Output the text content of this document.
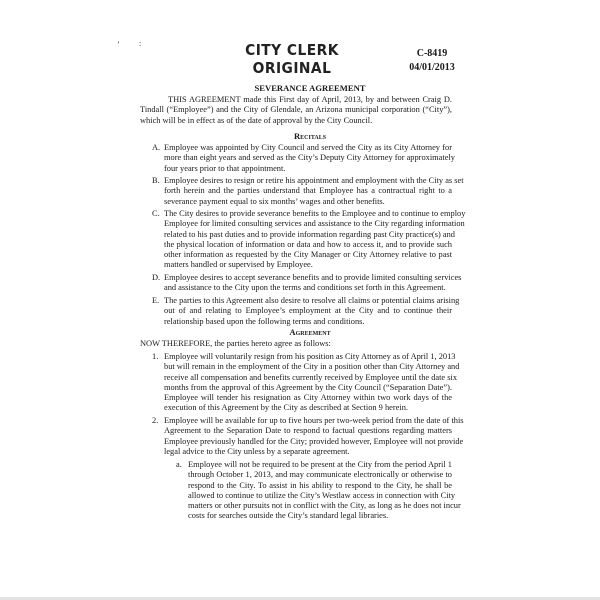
’ :	CITY CLERK
ORIGINAL
C-8419
04/01/2013
SEVERANCE AGREEMENT
THIS AGREEMENT made this First day of April, 2013, by and between Craig D.
Tindall (“Employee”) and the City of Glendale, an Arizona municipal corporation (“City”),
which will be in effect as of the date of approval by the City Council.
Recitals
A. Employee was appointed by City Council and served the City as its City Attorney for
more than eight years and served as the City’s Deputy City Attorney for approximately
four years prior to that appointment.
B. Employee desires to resign or retire his appointment and employment with the City as set
forth herein and the parties understand that Employee has a contractual right to a
severance payment equal to six months’ wages and other benefits.
C. The City desires to provide severance benefits to the Employee and to continue to employ
Employee for limited consulting services and assistance to the City regarding information
related to his past duties and to provide information regarding past City practice(s) and
the physical location of information or data and how to access it, and to provide such
other information as requested by the City Manager or City Attorney relative to past
matters handled or supervised by Employee.
D. Employee desires to accept severance benefits and to provide limited consulting services
and assistance to the City upon the terms and conditions set forth in this Agreement.
E. The parties to this Agreement also desire to resolve all claims or potential claims arising
out of and relating to Employee’s employment at the City and to continue their
relationship based upon the following terms and conditions.
Agreement
NOW THEREFORE, the parties hereto agree as follows:
1. Employee will voluntarily resign from his position as City Attorney as of April 1, 2013
but will remain in the employment of the City in a position other than City Attorney and
receive all compensation and benefits currently received by Employee until the date six
months from the approval of this Agreement by the City Council (“Separation Date”).
Employee will tender his resignation as City Attorney within two work days of the
execution of this Agreement by the City as described at Section 9 herein.
2. Employee will be available for up to five hours per two-week period from the date of this
Agreement to the Separation Date to respond to factual questions regarding matters
Employee previously handled for the City; provided however, Employee will not provide
legal advice to the City unless by a separate agreement.
a. Employee will not be required to be present at the City from the period April 1
through October 1, 2013, and may communicate electronically or otherwise to
respond to the City. To assist in his ability to respond to the City, he shall be
allowed to continue to utilize the City’s Westlaw access in connection with City
matters or other pursuits not in conflict with the City, as long as he does not incur
costs for searches outside the City’s standard legal libraries.
